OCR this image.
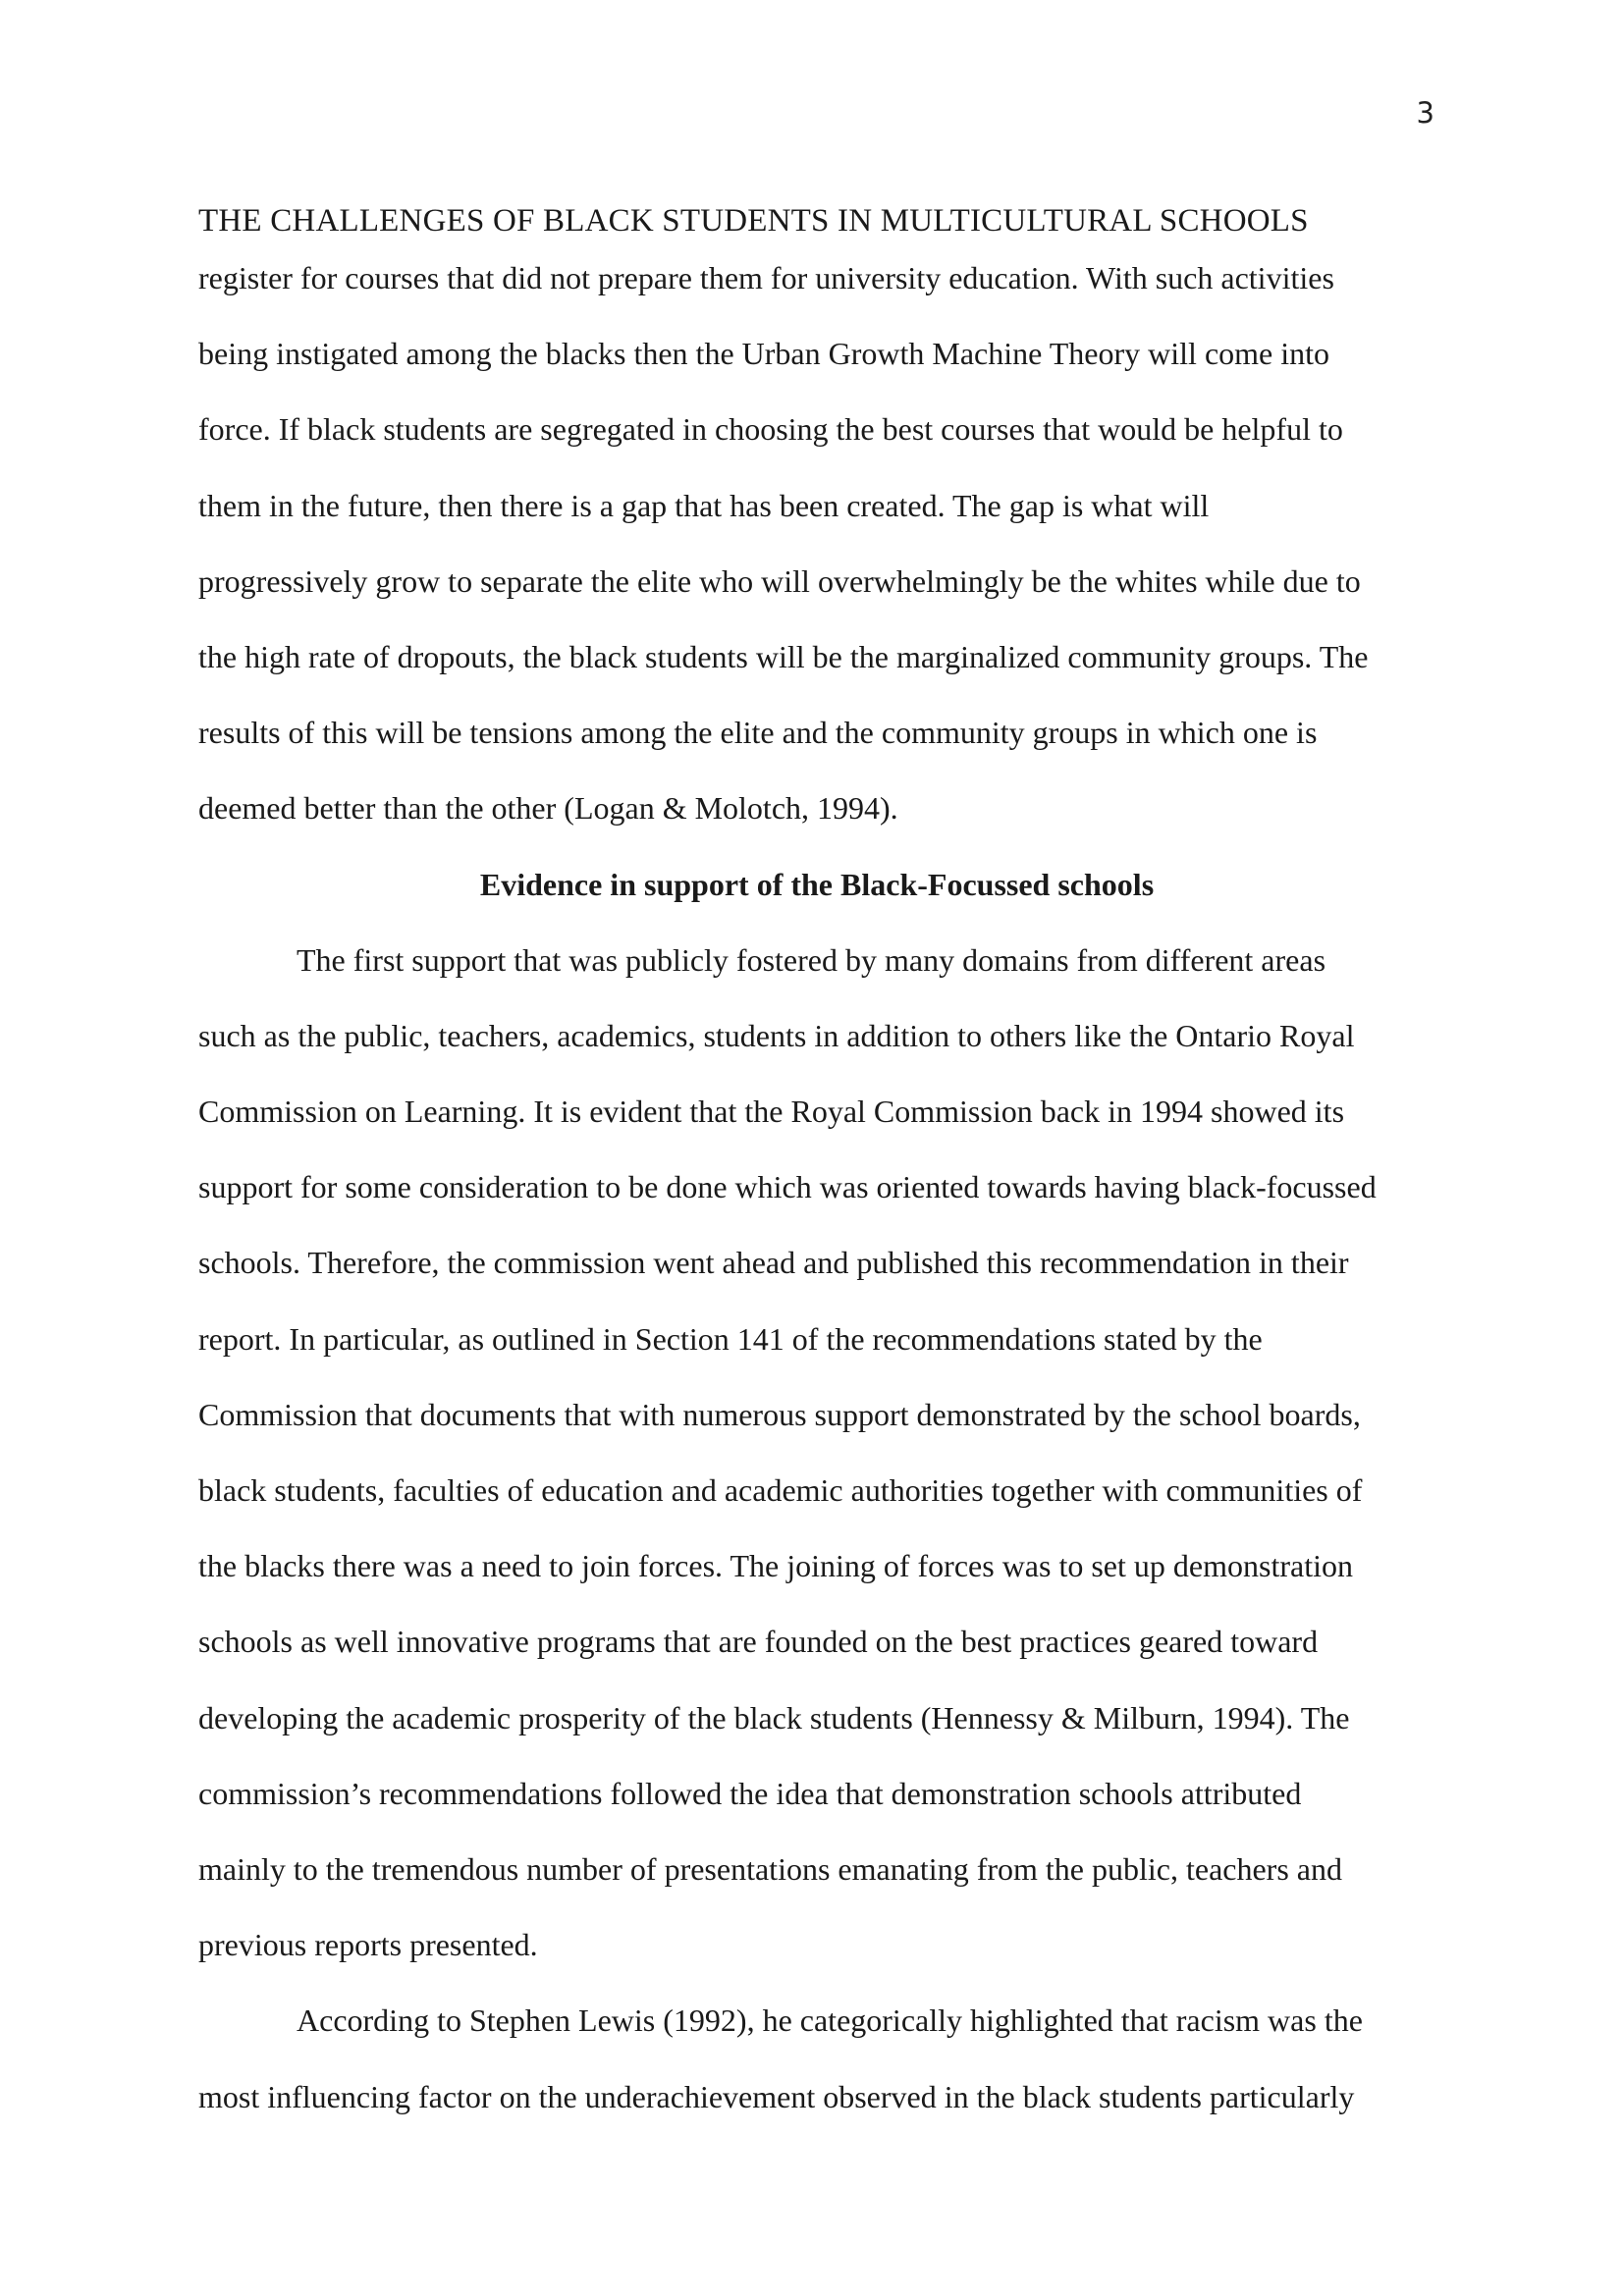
3
THE CHALLENGES OF BLACK STUDENTS IN MULTICULTURAL SCHOOLS
register for courses that did not prepare them for university education. With such activities
being instigated among the blacks then the Urban Growth Machine Theory will come into
force. If black students are segregated in choosing the best courses that would be helpful to
them in the future, then there is a gap that has been created. The gap is what will
progressively grow to separate the elite who will overwhelmingly be the whites while due to
the high rate of dropouts, the black students will be the marginalized community groups. The
results of this will be tensions among the elite and the community groups in which one is
deemed better than the other (Logan & Molotch, 1994).
Evidence in support of the Black-Focussed schools
The first support that was publicly fostered by many domains from different areas
such as the public, teachers, academics, students in addition to others like the Ontario Royal
Commission on Learning. It is evident that the Royal Commission back in 1994 showed its
support for some consideration to be done which was oriented towards having black-focussed
schools. Therefore, the commission went ahead and published this recommendation in their
report. In particular, as outlined in Section 141 of the recommendations stated by the
Commission that documents that with numerous support demonstrated by the school boards,
black students, faculties of education and academic authorities together with communities of
the blacks there was a need to join forces. The joining of forces was to set up demonstration
schools as well innovative programs that are founded on the best practices geared toward
developing the academic prosperity of the black students (Hennessy & Milburn, 1994). The
commission’s recommendations followed the idea that demonstration schools attributed
mainly to the tremendous number of presentations emanating from the public, teachers and
previous reports presented.
According to Stephen Lewis (1992), he categorically highlighted that racism was the
most influencing factor on the underachievement observed in the black students particularly
